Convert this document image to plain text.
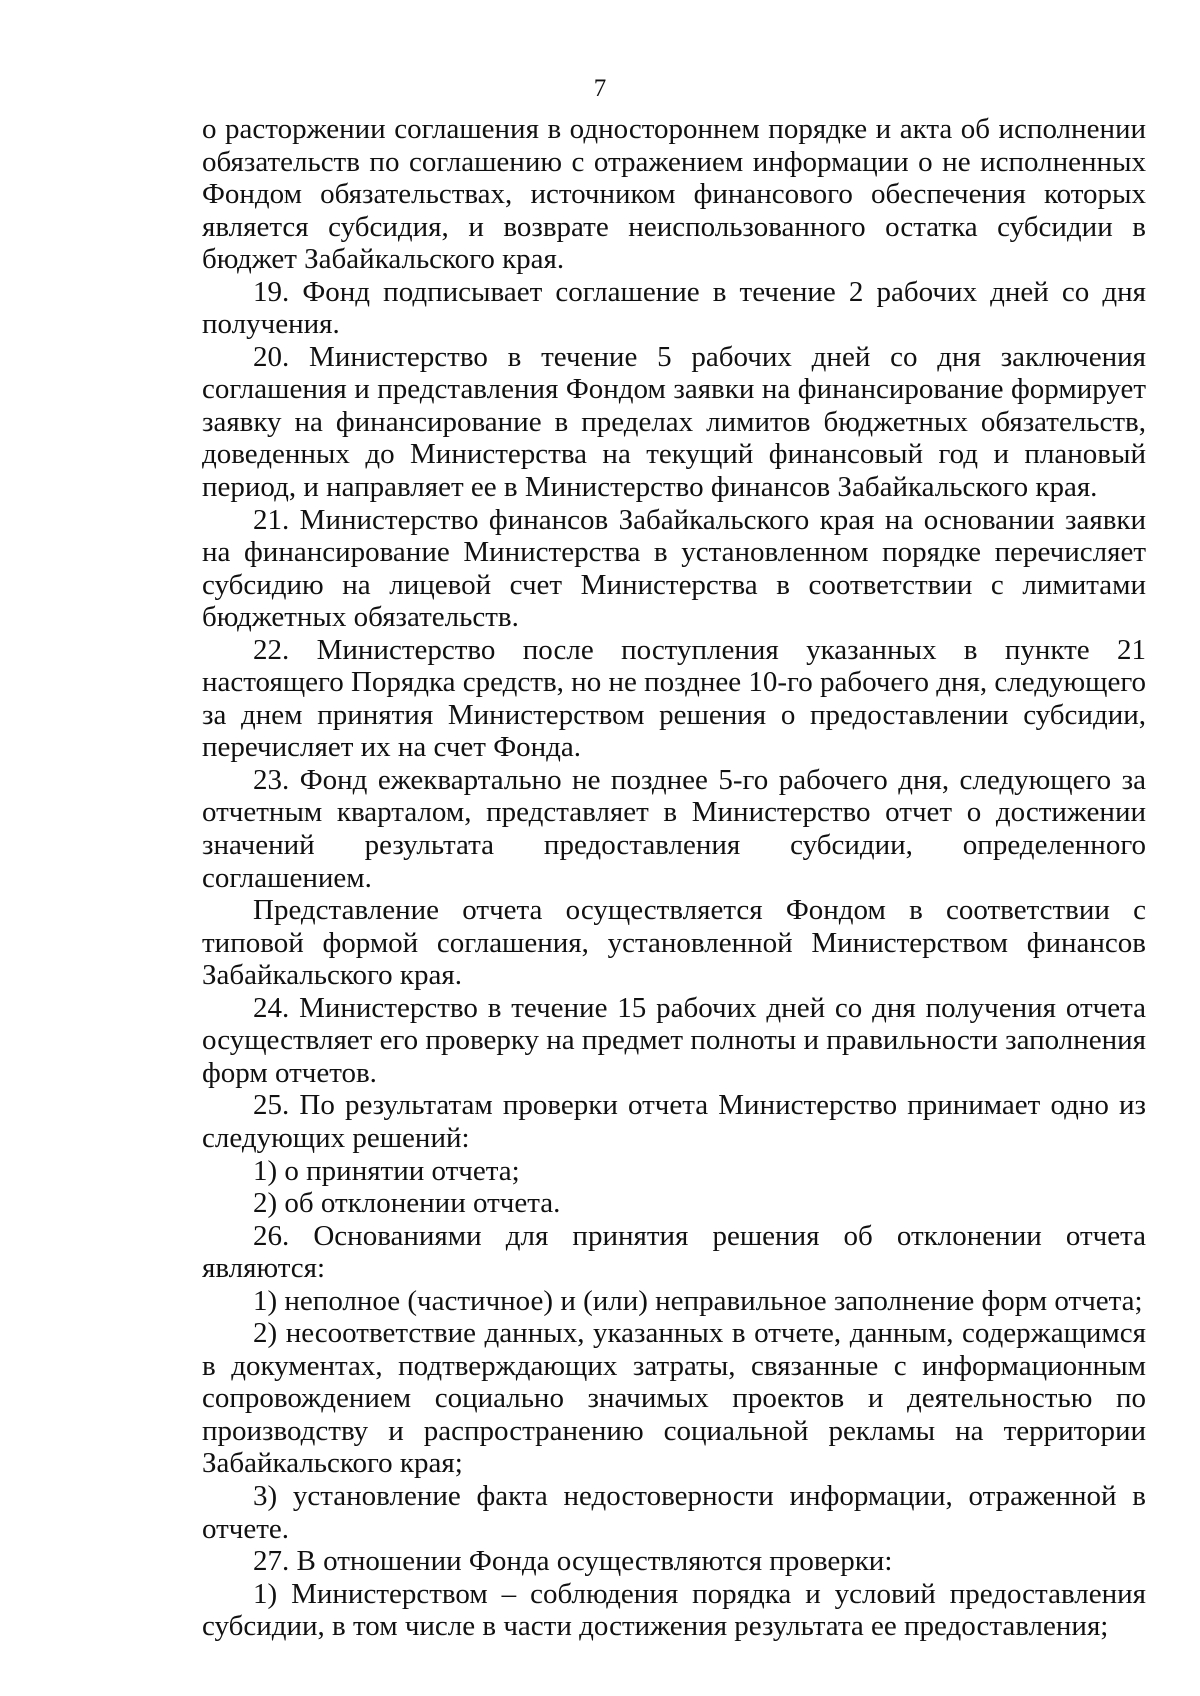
7

о расторжении соглашения в одностороннем порядке и акта об исполнении обязательств по соглашению с отражением информации о не исполненных Фондом обязательствах, источником финансового обеспечения которых является субсидия, и возврате неиспользованного остатка субсидии в бюджет Забайкальского края.

19. Фонд подписывает соглашение в течение 2 рабочих дней со дня получения.

20. Министерство в течение 5 рабочих дней со дня заключения соглашения и представления Фондом заявки на финансирование формирует заявку на финансирование в пределах лимитов бюджетных обязательств, доведенных до Министерства на текущий финансовый год и плановый период, и направляет ее в Министерство финансов Забайкальского края.

21. Министерство финансов Забайкальского края на основании заявки на финансирование Министерства в установленном порядке перечисляет субсидию на лицевой счет Министерства в соответствии с лимитами бюджетных обязательств.

22. Министерство после поступления указанных в пункте 21 настоящего Порядка средств, но не позднее 10-го рабочего дня, следующего за днем принятия Министерством решения о предоставлении субсидии, перечисляет их на счет Фонда.

23. Фонд ежеквартально не позднее 5-го рабочего дня, следующего за отчетным кварталом, представляет в Министерство отчет о достижении значений результата предоставления субсидии, определенного соглашением.

Представление отчета осуществляется Фондом в соответствии с типовой формой соглашения, установленной Министерством финансов Забайкальского края.

24. Министерство в течение 15 рабочих дней со дня получения отчета осуществляет его проверку на предмет полноты и правильности заполнения форм отчетов.

25. По результатам проверки отчета Министерство принимает одно из следующих решений:

1) о принятии отчета;

2) об отклонении отчета.

26. Основаниями для принятия решения об отклонении отчета являются:

1) неполное (частичное) и (или) неправильное заполнение форм отчета;

2) несоответствие данных, указанных в отчете, данным, содержащимся в документах, подтверждающих затраты, связанные с информационным сопровождением социально значимых проектов и деятельностью по производству и распространению социальной рекламы на территории Забайкальского края;

3) установление факта недостоверности информации, отраженной в отчете.

27. В отношении Фонда осуществляются проверки:

1) Министерством – соблюдения порядка и условий предоставления субсидии, в том числе в части достижения результата ее предоставления;
